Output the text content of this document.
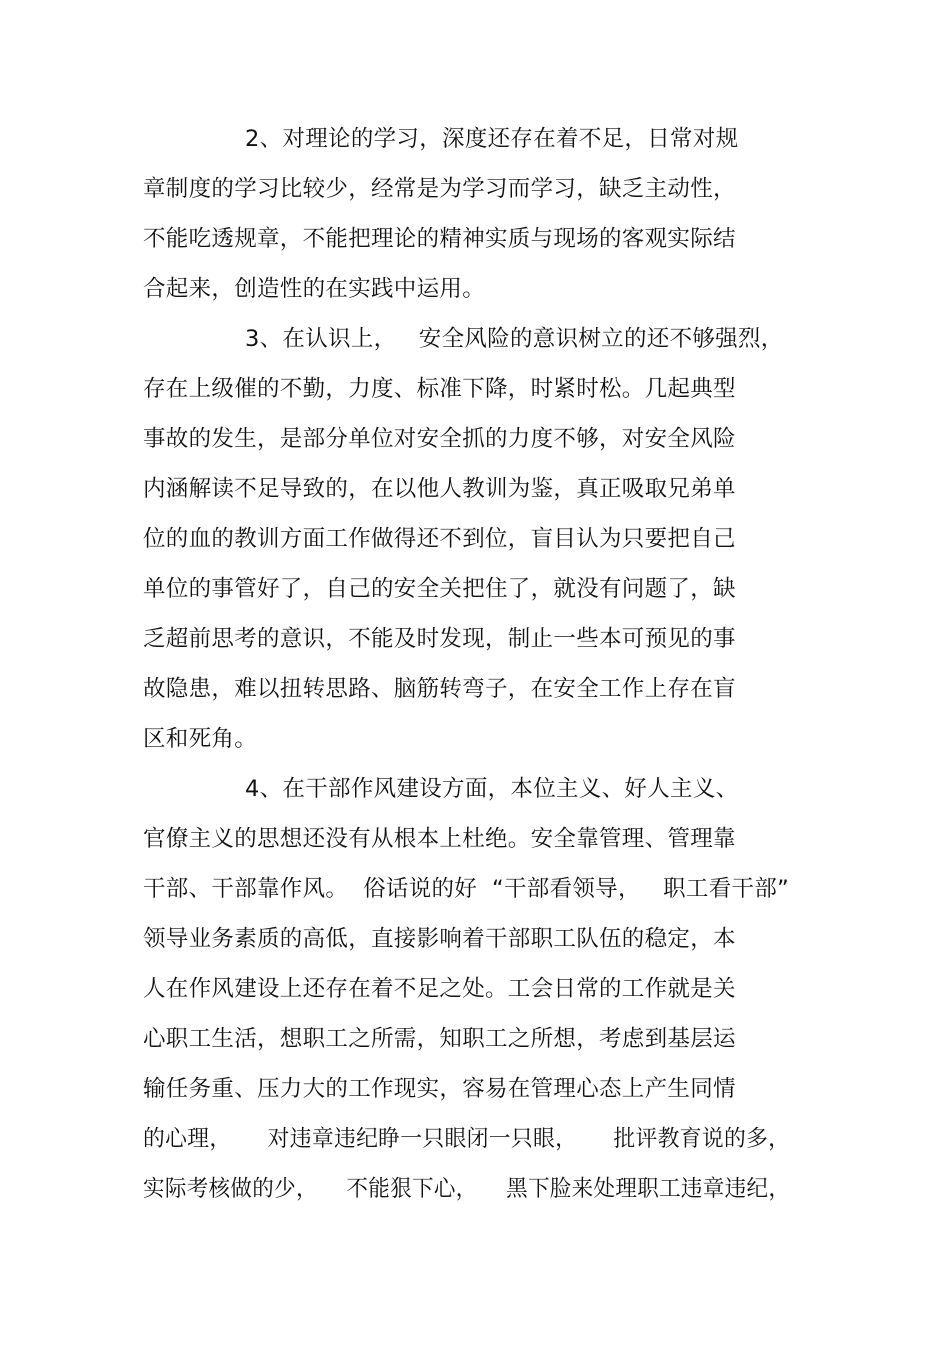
2、对理论的学习，深度还存在着不足，日常对规
章制度的学习比较少，经常是为学习而学习，缺乏主动性，
不能吃透规章，不能把理论的精神实质与现场的客观实际结
合起来，创造性的在实践中运用。
3、在认识上，   安全风险的意识树立的还不够强烈，
存在上级催的不勤，力度、标准下降，时紧时松。几起典型
事故的发生，是部分单位对安全抓的力度不够，对安全风险
内涵解读不足导致的，在以他人教训为鉴，真正吸取兄弟单
位的血的教训方面工作做得还不到位，盲目认为只要把自己
单位的事管好了，自己的安全关把住了，就没有问题了，缺
乏超前思考的意识，不能及时发现，制止一些本可预见的事
故隐患，难以扭转思路、脑筋转弯子，在安全工作上存在盲
区和死角。
4、在干部作风建设方面，本位主义、好人主义、
官僚主义的思想还没有从根本上杜绝。安全靠管理、管理靠
干部、干部靠作风。  俗话说的好  “干部看领导，   职工看干部”
领导业务素质的高低，直接影响着干部职工队伍的稳定，本
人在作风建设上还存在着不足之处。工会日常的工作就是关
心职工生活，想职工之所需，知职工之所想，考虑到基层运
输任务重、压力大的工作现实，容易在管理心态上产生同情
的心理，     对违章违纪睁一只眼闭一只眼，     批评教育说的多，
实际考核做的少，    不能狠下心，    黑下脸来处理职工违章违纪，
